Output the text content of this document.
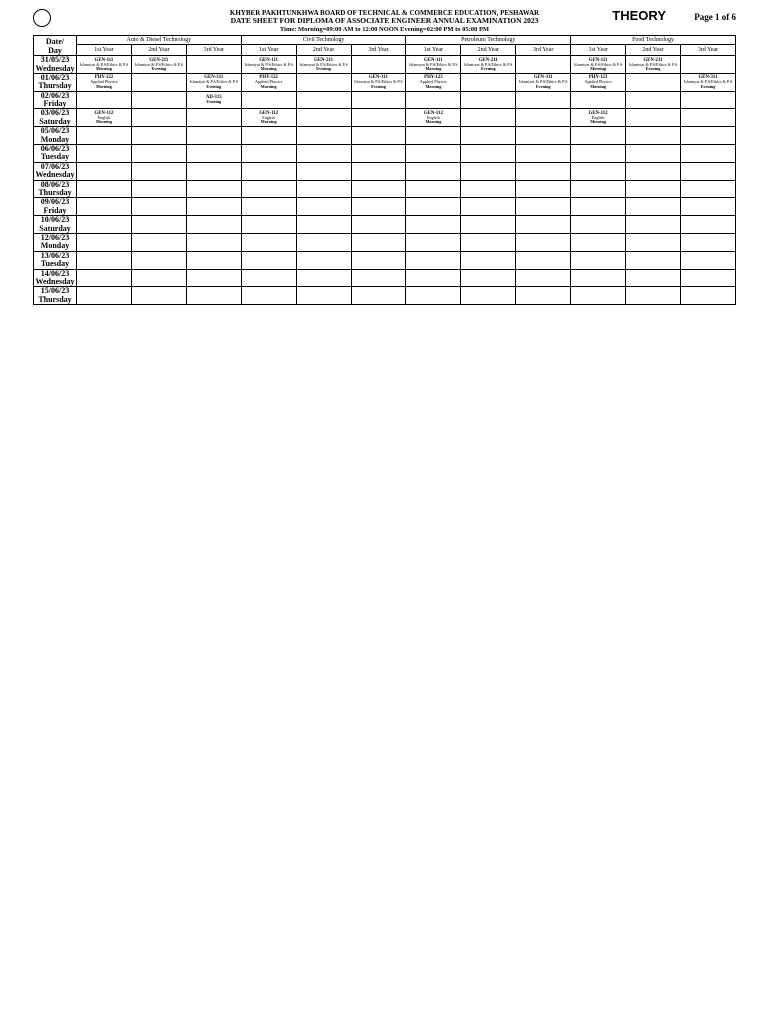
KHYBER PAKHTUNKHWA BOARD OF TECHNICAL & COMMERCE EDUCATION, PESHAWAR
DATE SHEET FOR DIPLOMA OF ASSOCIATE ENGINEER ANNUAL EXAMINATION 2023
Time: Morning=09:00 AM to 12:00 NOON Evening=02:00 PM to 05:00 PM
THEORY	Page 1 of 6
Date/
Day	Auto & Diesel Technology			Civil Technology			Petroleum Technology			Food Technology		
	1st Year	2nd Year	3rd Year	1st Year	2nd Year	3rd Year	1st Year	2nd Year	3rd Year	1st Year	2nd Year	3rd Year
31/05/23
Wednesday	GEN-111
Islamiyat & P.S/Ethics & P.S
Morning	GEN-211
Islamiyat & P.S/Ethics & P.S
Evening		GEN-111
Islamiyat & P.S/Ethics & P.S
Morning	GEN-211
Islamiyat & P.S/Ethics & P.S
Evening		GEN-111
Islamiyat & P.S/Ethics & P.S
Morning	GEN-211
Islamiyat & P.S/Ethics & P.S
Evening		GEN-111
Islamiyat & P.S/Ethics & P.S
Morning	GEN-211
Islamiyat & P.S/Ethics & P.S
Evening	

01/06/23
Thursday	PHY-122
Applied Physics
Morning		GEN-311
Islamiyat & P.S/Ethics & P.S
Evening	PHY-122
Applied Physics
Morning		GEN-311
Islamiyat & P.S/Ethics & P.S
Evening	PHY-123
Applied Physics
Morning		GEN-311
Islamiyat & P.S/Ethics & P.S
Evening	PHY-123
Applied Physics
Morning		GEN-311
Islamiyat & P.S/Ethics & P.S
Evening

02/06/23
Friday			AD-313
Evening									

03/06/23
Saturday	GEN-112
English
Morning			GEN-112
English
Morning			GEN-112
English
Morning			GEN-112
English
Morning		

05/06/23
Monday												
06/06/23
Tuesday												
07/06/23
Wednesday												
08/06/23
Thursday												
09/06/23
Friday												
10/06/23
Saturday												
12/06/23
Monday												
13/06/23
Tuesday												
14/06/23
Wednesday												
15/06/23
Thursday												
